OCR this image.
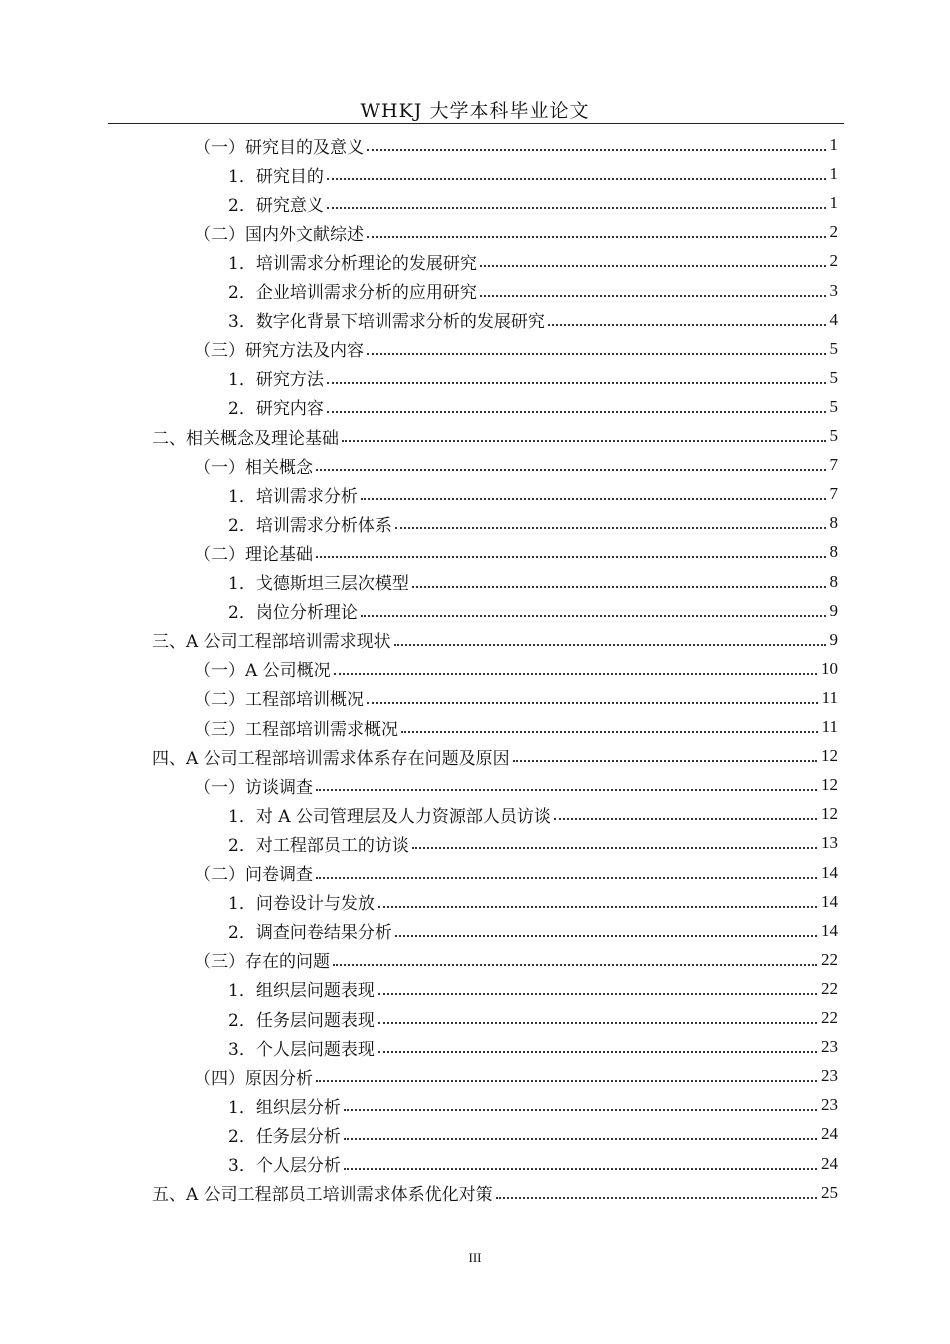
WHKJ 大学本科毕业论文
（一）研究目的及意义	1
1．研究目的	1
2．研究意义	1
（二）国内外文献综述	2
1．培训需求分析理论的发展研究	2
2．企业培训需求分析的应用研究	3
3．数字化背景下培训需求分析的发展研究	4
（三）研究方法及内容	5
1．研究方法	5
2．研究内容	5
二、相关概念及理论基础	5
（一）相关概念	7
1．培训需求分析	7
2．培训需求分析体系	8
（二）理论基础	8
1．戈德斯坦三层次模型	8
2．岗位分析理论	9
三、A 公司工程部培训需求现状	9
（一）A 公司概况	10
（二）工程部培训概况	11
（三）工程部培训需求概况	11
四、A 公司工程部培训需求体系存在问题及原因	12
（一）访谈调查	12
1．对 A 公司管理层及人力资源部人员访谈	12
2．对工程部员工的访谈	13
（二）问卷调查	14
1．问卷设计与发放	14
2．调查问卷结果分析	14
（三）存在的问题	22
1．组织层问题表现	22
2．任务层问题表现	22
3．个人层问题表现	23
（四）原因分析	23
1．组织层分析	23
2．任务层分析	24
3．个人层分析	24
五、A 公司工程部员工培训需求体系优化对策	25
III
